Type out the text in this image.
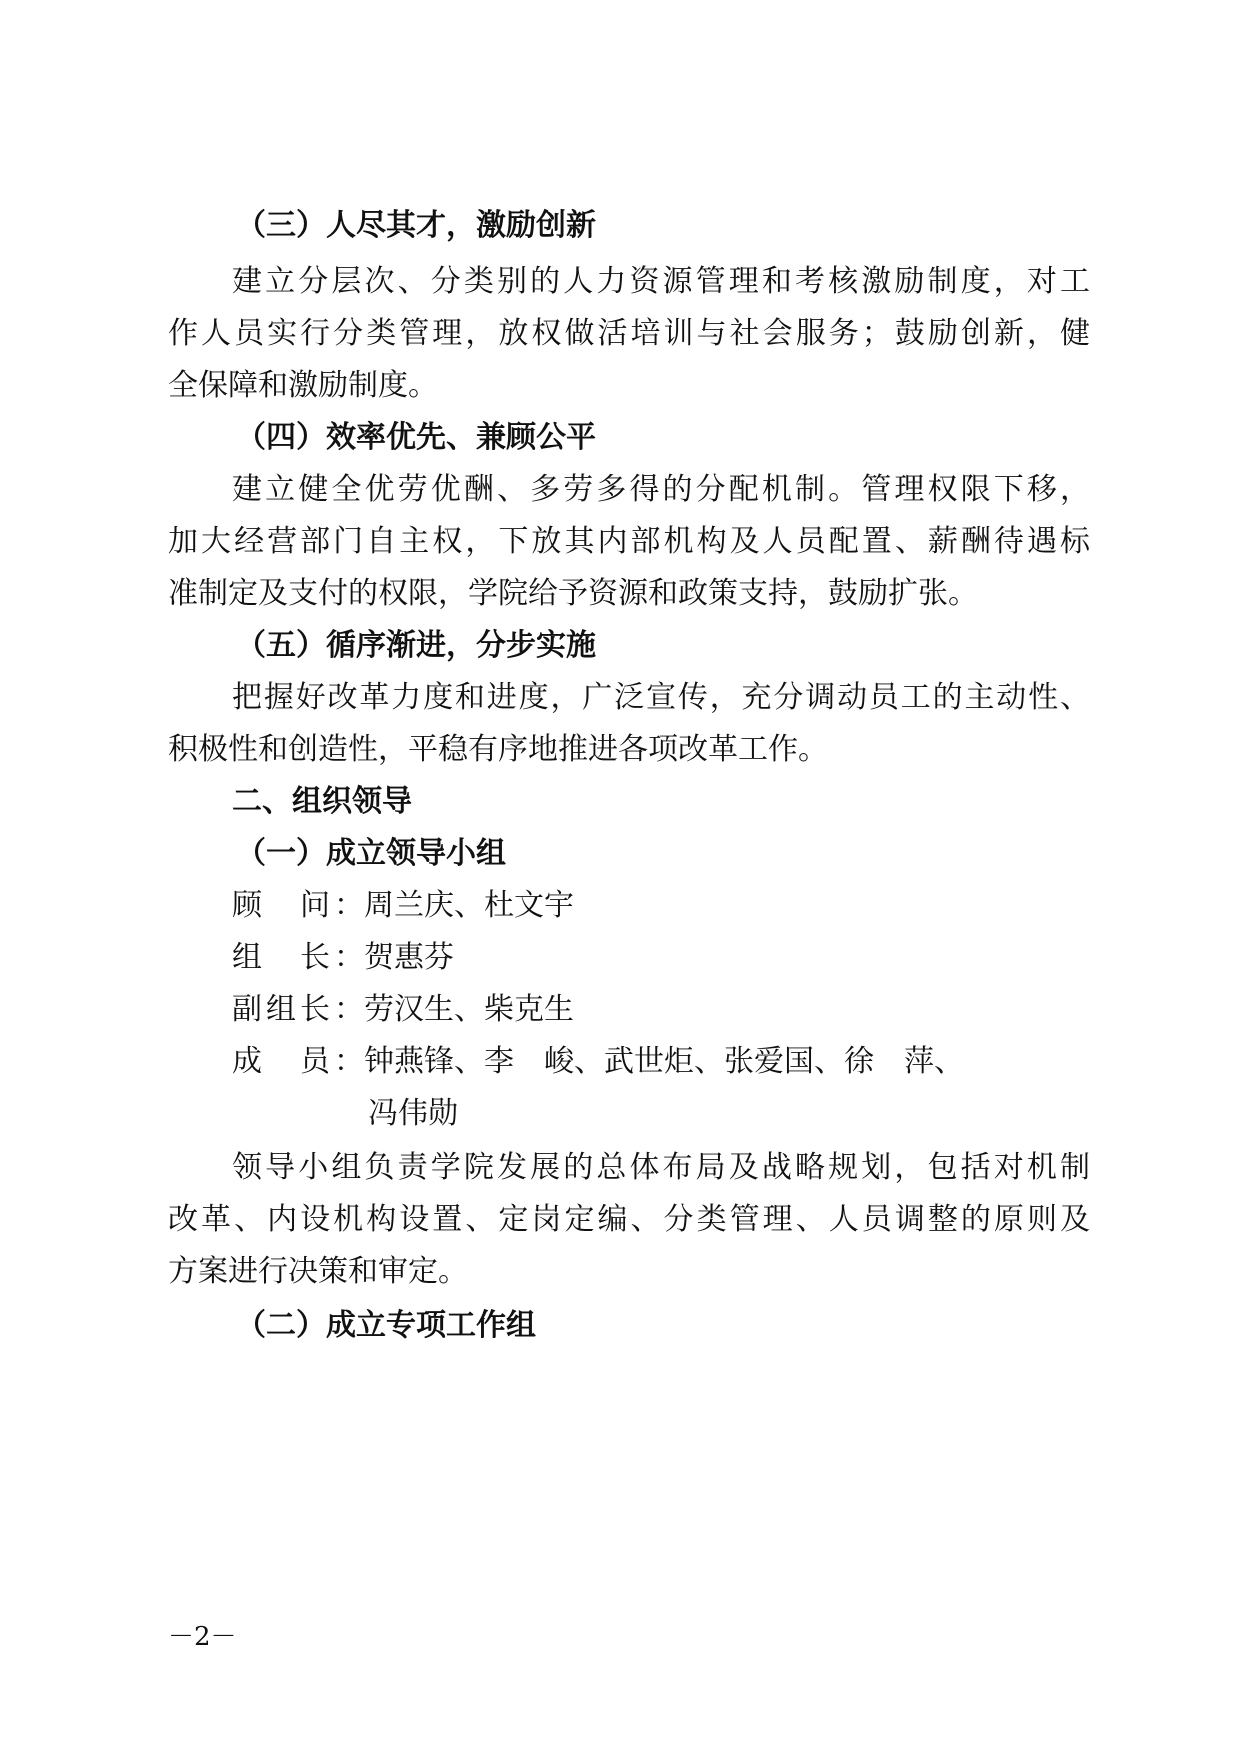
（三）人尽其才，激励创新
建立分层次、分类别的人力资源管理和考核激励制度，对工
作人员实行分类管理，放权做活培训与社会服务；鼓励创新，健
全保障和激励制度。
（四）效率优先、兼顾公平
建立健全优劳优酬、多劳多得的分配机制。管理权限下移，
加大经营部门自主权，下放其内部机构及人员配置、薪酬待遇标
准制定及支付的权限，学院给予资源和政策支持，鼓励扩张。
（五）循序渐进，分步实施
把握好改革力度和进度，广泛宣传，充分调动员工的主动性、
积极性和创造性，平稳有序地推进各项改革工作。
二、组织领导
（一）成立领导小组
顾　问：周兰庆、杜文宇
组　长：贺惠芬
副组长：劳汉生、柴克生
成　员：钟燕锋、李　峻、武世炬、张爱国、徐　萍、
冯伟勋
领导小组负责学院发展的总体布局及战略规划，包括对机制
改革、内设机构设置、定岗定编、分类管理、人员调整的原则及
方案进行决策和审定。
（二）成立专项工作组
－2－
